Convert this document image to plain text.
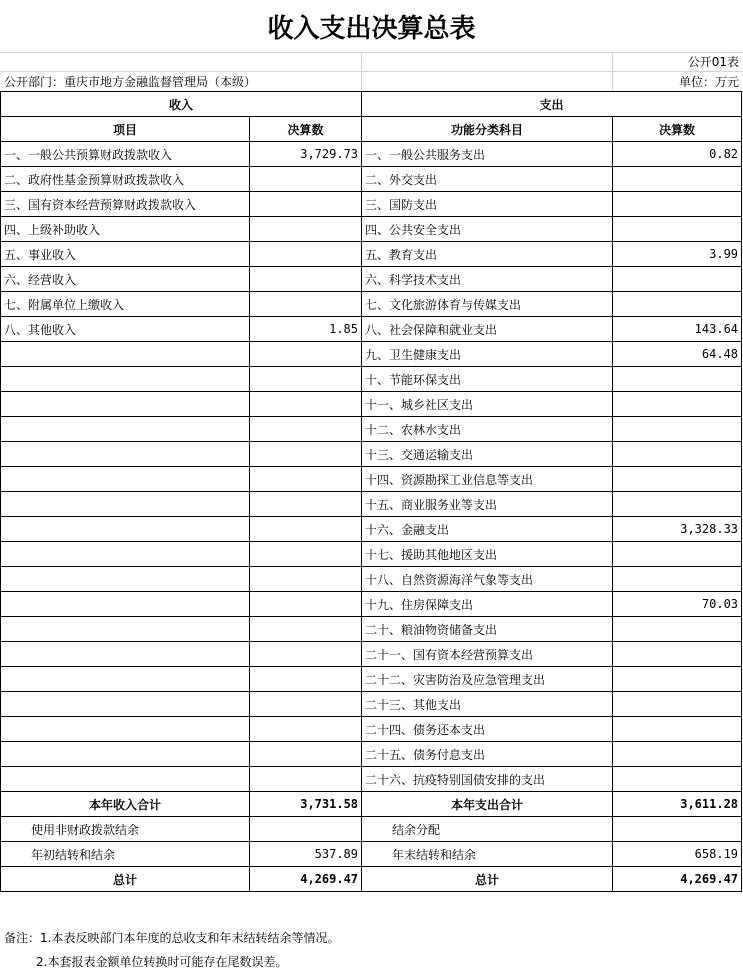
收入支出决算总表
公开01表
公开部门：重庆市地方金融监督管理局（本级）	单位：万元
收入		支出	
项目	决算数	功能分类科目	决算数
一、一般公共预算财政拨款收入	3,729.73	一、一般公共服务支出	0.82
二、政府性基金预算财政拨款收入		二、外交支出	
三、国有资本经营预算财政拨款收入		三、国防支出	
四、上级补助收入		四、公共安全支出	
五、事业收入		五、教育支出	3.99
六、经营收入		六、科学技术支出	
七、附属单位上缴收入		七、文化旅游体育与传媒支出	
八、其他收入	1.85	八、社会保障和就业支出	143.64
		九、卫生健康支出	64.48
		十、节能环保支出	
		十一、城乡社区支出	
		十二、农林水支出	
		十三、交通运输支出	
		十四、资源勘探工业信息等支出	
		十五、商业服务业等支出	
		十六、金融支出	3,328.33
		十七、援助其他地区支出	
		十八、自然资源海洋气象等支出	
		十九、住房保障支出	70.03
		二十、粮油物资储备支出	
		二十一、国有资本经营预算支出	
		二十二、灾害防治及应急管理支出	
		二十三、其他支出	
		二十四、债务还本支出	
		二十五、债务付息支出	
		二十六、抗疫特别国债安排的支出	
本年收入合计	3,731.58	本年支出合计	3,611.28
使用非财政拨款结余		结余分配	
年初结转和结余	537.89	年末结转和结余	658.19
总计	4,269.47	总计	4,269.47
备注：1.本表反映部门本年度的总收支和年末结转结余等情况。
2.本套报表金额单位转换时可能存在尾数误差。
